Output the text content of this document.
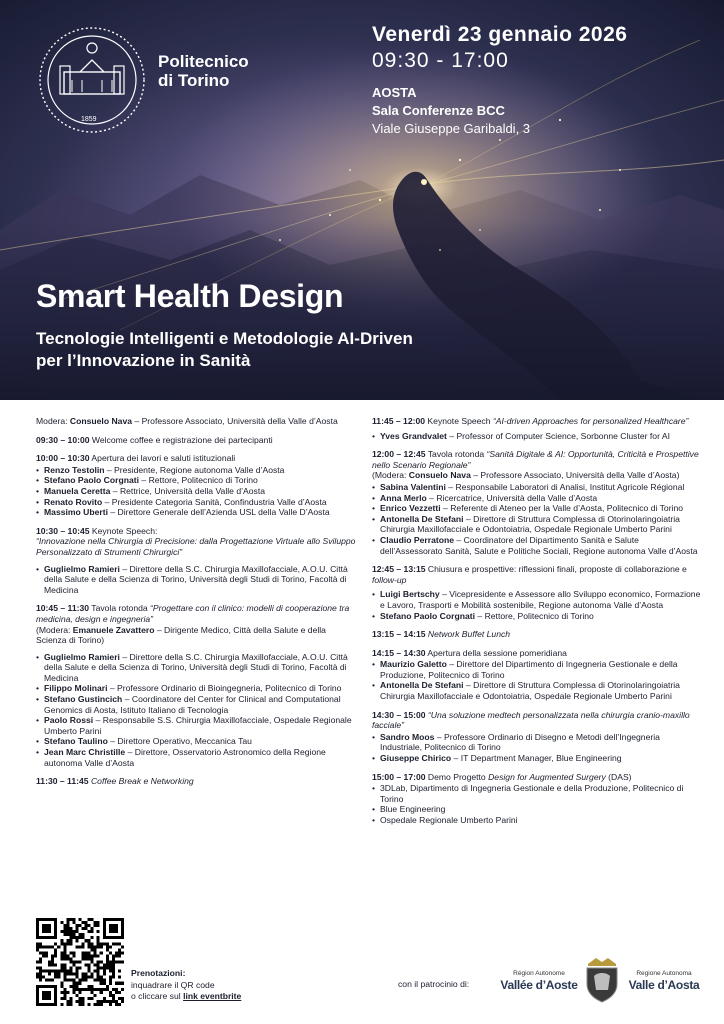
1859
Politecnico
di Torino
Venerdì 23 gennaio 2026
09:30 - 17:00
AOSTA
Sala Conferenze BCC
Viale Giuseppe Garibaldi, 3
Smart Health Design
Tecnologie Intelligenti e Metodologie AI-Driven
per l’Innovazione in Sanità

Modera: Consuelo Nava – Professore Associato, Università della Valle d’Aosta

09:30 – 10:00 Welcome coffee e registrazione dei partecipanti

10:00 – 10:30 Apertura dei lavori e saluti istituzionali

• Renzo Testolin – Presidente, Regione autonoma Valle d’Aosta
• Stefano Paolo Corgnati – Rettore, Politecnico di Torino
• Manuela Ceretta – Rettrice, Università della Valle d’Aosta
• Renato Rovito – Presidente Categoria Sanità, Confindustria Valle d’Aosta
• Massimo Uberti – Direttore Generale dell’Azienda USL della Valle D’Aosta

10:30 – 10:45 Keynote Speech:

“Innovazione nella Chirurgia di Precisione: dalla Progettazione Virtuale allo Sviluppo Personalizzato di Strumenti Chirurgici”

• Guglielmo Ramieri – Direttore della S.C. Chirurgia Maxillofacciale, A.O.U. Città della Salute e della Scienza di Torino, Università degli Studi di Torino, Facoltà di Medicina

10:45 – 11:30 Tavola rotonda “Progettare con il clinico: modelli di cooperazione tra medicina, design e ingegneria”

(Modera: Emanuele Zavattero – Dirigente Medico, Città della Salute e della Scienza di Torino)

• Guglielmo Ramieri – Direttore della S.C. Chirurgia Maxillofacciale, A.O.U. Città della Salute e della Scienza di Torino, Università degli Studi di Torino, Facoltà di Medicina
• Filippo Molinari – Professore Ordinario di Bioingegneria, Politecnico di Torino
• Stefano Gustincich – Coordinatore del Center for Clinical and Computational Genomics di Aosta, Istituto Italiano di Tecnologia
• Paolo Rossi – Responsabile S.S. Chirurgia Maxillofacciale, Ospedale Regionale Umberto Parini
• Stefano Taulino – Direttore Operativo, Meccanica Tau
• Jean Marc Christille – Direttore, Osservatorio Astronomico della Regione autonoma Valle d’Aosta

11:30 – 11:45 Coffee Break e Networking

11:45 – 12:00 Keynote Speech “AI-driven Approaches for personalized Healthcare”

• Yves Grandvalet – Professor of Computer Science, Sorbonne Cluster for AI

12:00 – 12:45 Tavola rotonda “Sanità Digitale & AI: Opportunità, Criticità e Prospettive nello Scenario Regionale”

(Modera: Consuelo Nava – Professore Associato, Università della Valle d’Aosta)

• Sabina Valentini – Responsabile Laboratori di Analisi, Institut Agricole Régional
• Anna Merlo – Ricercatrice, Università della Valle d’Aosta
• Enrico Vezzetti – Referente di Ateneo per la Valle d’Aosta, Politecnico di Torino
• Antonella De Stefani – Direttore di Struttura Complessa di Otorinolaringoiatria Chirurgia Maxillofacciale e Odontoiatria, Ospedale Regionale Umberto Parini
• Claudio Perratone – Coordinatore del Dipartimento Sanità e Salute dell’Assessorato Sanità, Salute e Politiche Sociali, Regione autonoma Valle d’Aosta

12:45 – 13:15 Chiusura e prospettive: riflessioni finali, proposte di collaborazione e follow-up

• Luigi Bertschy – Vicepresidente e Assessore allo Sviluppo economico, Formazione e Lavoro, Trasporti e Mobilità sostenibile, Regione autonoma Valle d’Aosta
• Stefano Paolo Corgnati – Rettore, Politecnico di Torino

13:15 – 14:15 Network Buffet Lunch

14:15 – 14:30 Apertura della sessione pomeridiana

• Maurizio Galetto – Direttore del Dipartimento di Ingegneria Gestionale e della Produzione, Politecnico di Torino
• Antonella De Stefani – Direttore di Struttura Complessa di Otorinolaringoiatria Chirurgia Maxillofacciale e Odontoiatria, Ospedale Regionale Umberto Parini

14:30 – 15:00 “Una soluzione medtech personalizzata nella chirurgia cranio-maxillo facciale”

• Sandro Moos – Professore Ordinario di Disegno e Metodi dell’Ingegneria Industriale, Politecnico di Torino
• Giuseppe Chirico – IT Department Manager, Blue Engineering

15:00 – 17:00 Demo Progetto Design for Augmented Surgery (DAS)

• 3DLab, Dipartimento di Ingegneria Gestionale e della Produzione, Politecnico di Torino
• Blue Engineering
• Ospedale Regionale Umberto Parini
Prenotazioni:
inquadrare il QR code
o cliccare sul link eventbrite
con il patrocinio di:
Région Autonome
Vallée d’Aoste
Regione Autonoma
Valle d’Aosta
